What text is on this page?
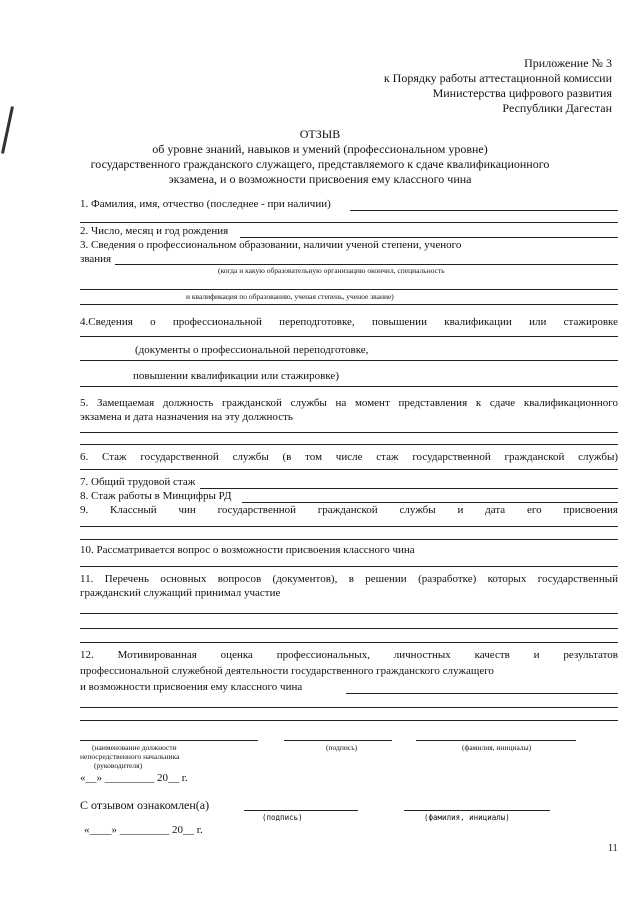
Приложение № 3
к Порядку работы аттестационной комиссии
Министерства цифрового развития
Республики Дагестан
ОТЗЫВ
об уровне знаний, навыков и умений (профессиональном уровне)
государственного гражданского служащего, представляемого к сдаче квалификационного
экзамена, и о возможности присвоения ему классного чина
1. Фамилия, имя, отчество (последнее - при наличии)
2. Число, месяц и год рождения
3. Сведения о профессиональном образовании, наличии ученой степени, ученого
звания
(когда и какую образовательную организацию окончил, специальность
и квалификация по образованию, ученая степень, ученое звание)
4.Сведения о профессиональной переподготовке, повышении квалификации или стажировке
(документы о профессиональной переподготовке,
повышении квалификации или стажировке)
5. Замещаемая должность гражданской службы на момент представления к сдаче квалификационного
экзамена и дата назначения на эту должность
6. Стаж государственной службы (в том числе стаж государственной гражданской службы)
7. Общий трудовой стаж
8. Стаж работы в Минцифры РД
9. Классный чин государственной гражданской службы и дата его присвоения
10. Рассматривается вопрос о возможности присвоения классного чина
11. Перечень основных вопросов (документов), в решении (разработке) которых государственный
гражданский служащий принимал участие
12. Мотивированная оценка профессиональных, личностных качеств и результатов
профессиональной служебной деятельности государственного гражданского служащего
и возможности присвоения ему классного чина
(наименование должности
непосредственного начальника
(руководителя)
(подпись)	(фамилия, инициалы)
«__» _________ 20__ г.
С отзывом ознакомлен(а)
(подпись)	(фамилия, инициалы)
«____» _________ 20__ г.
11
